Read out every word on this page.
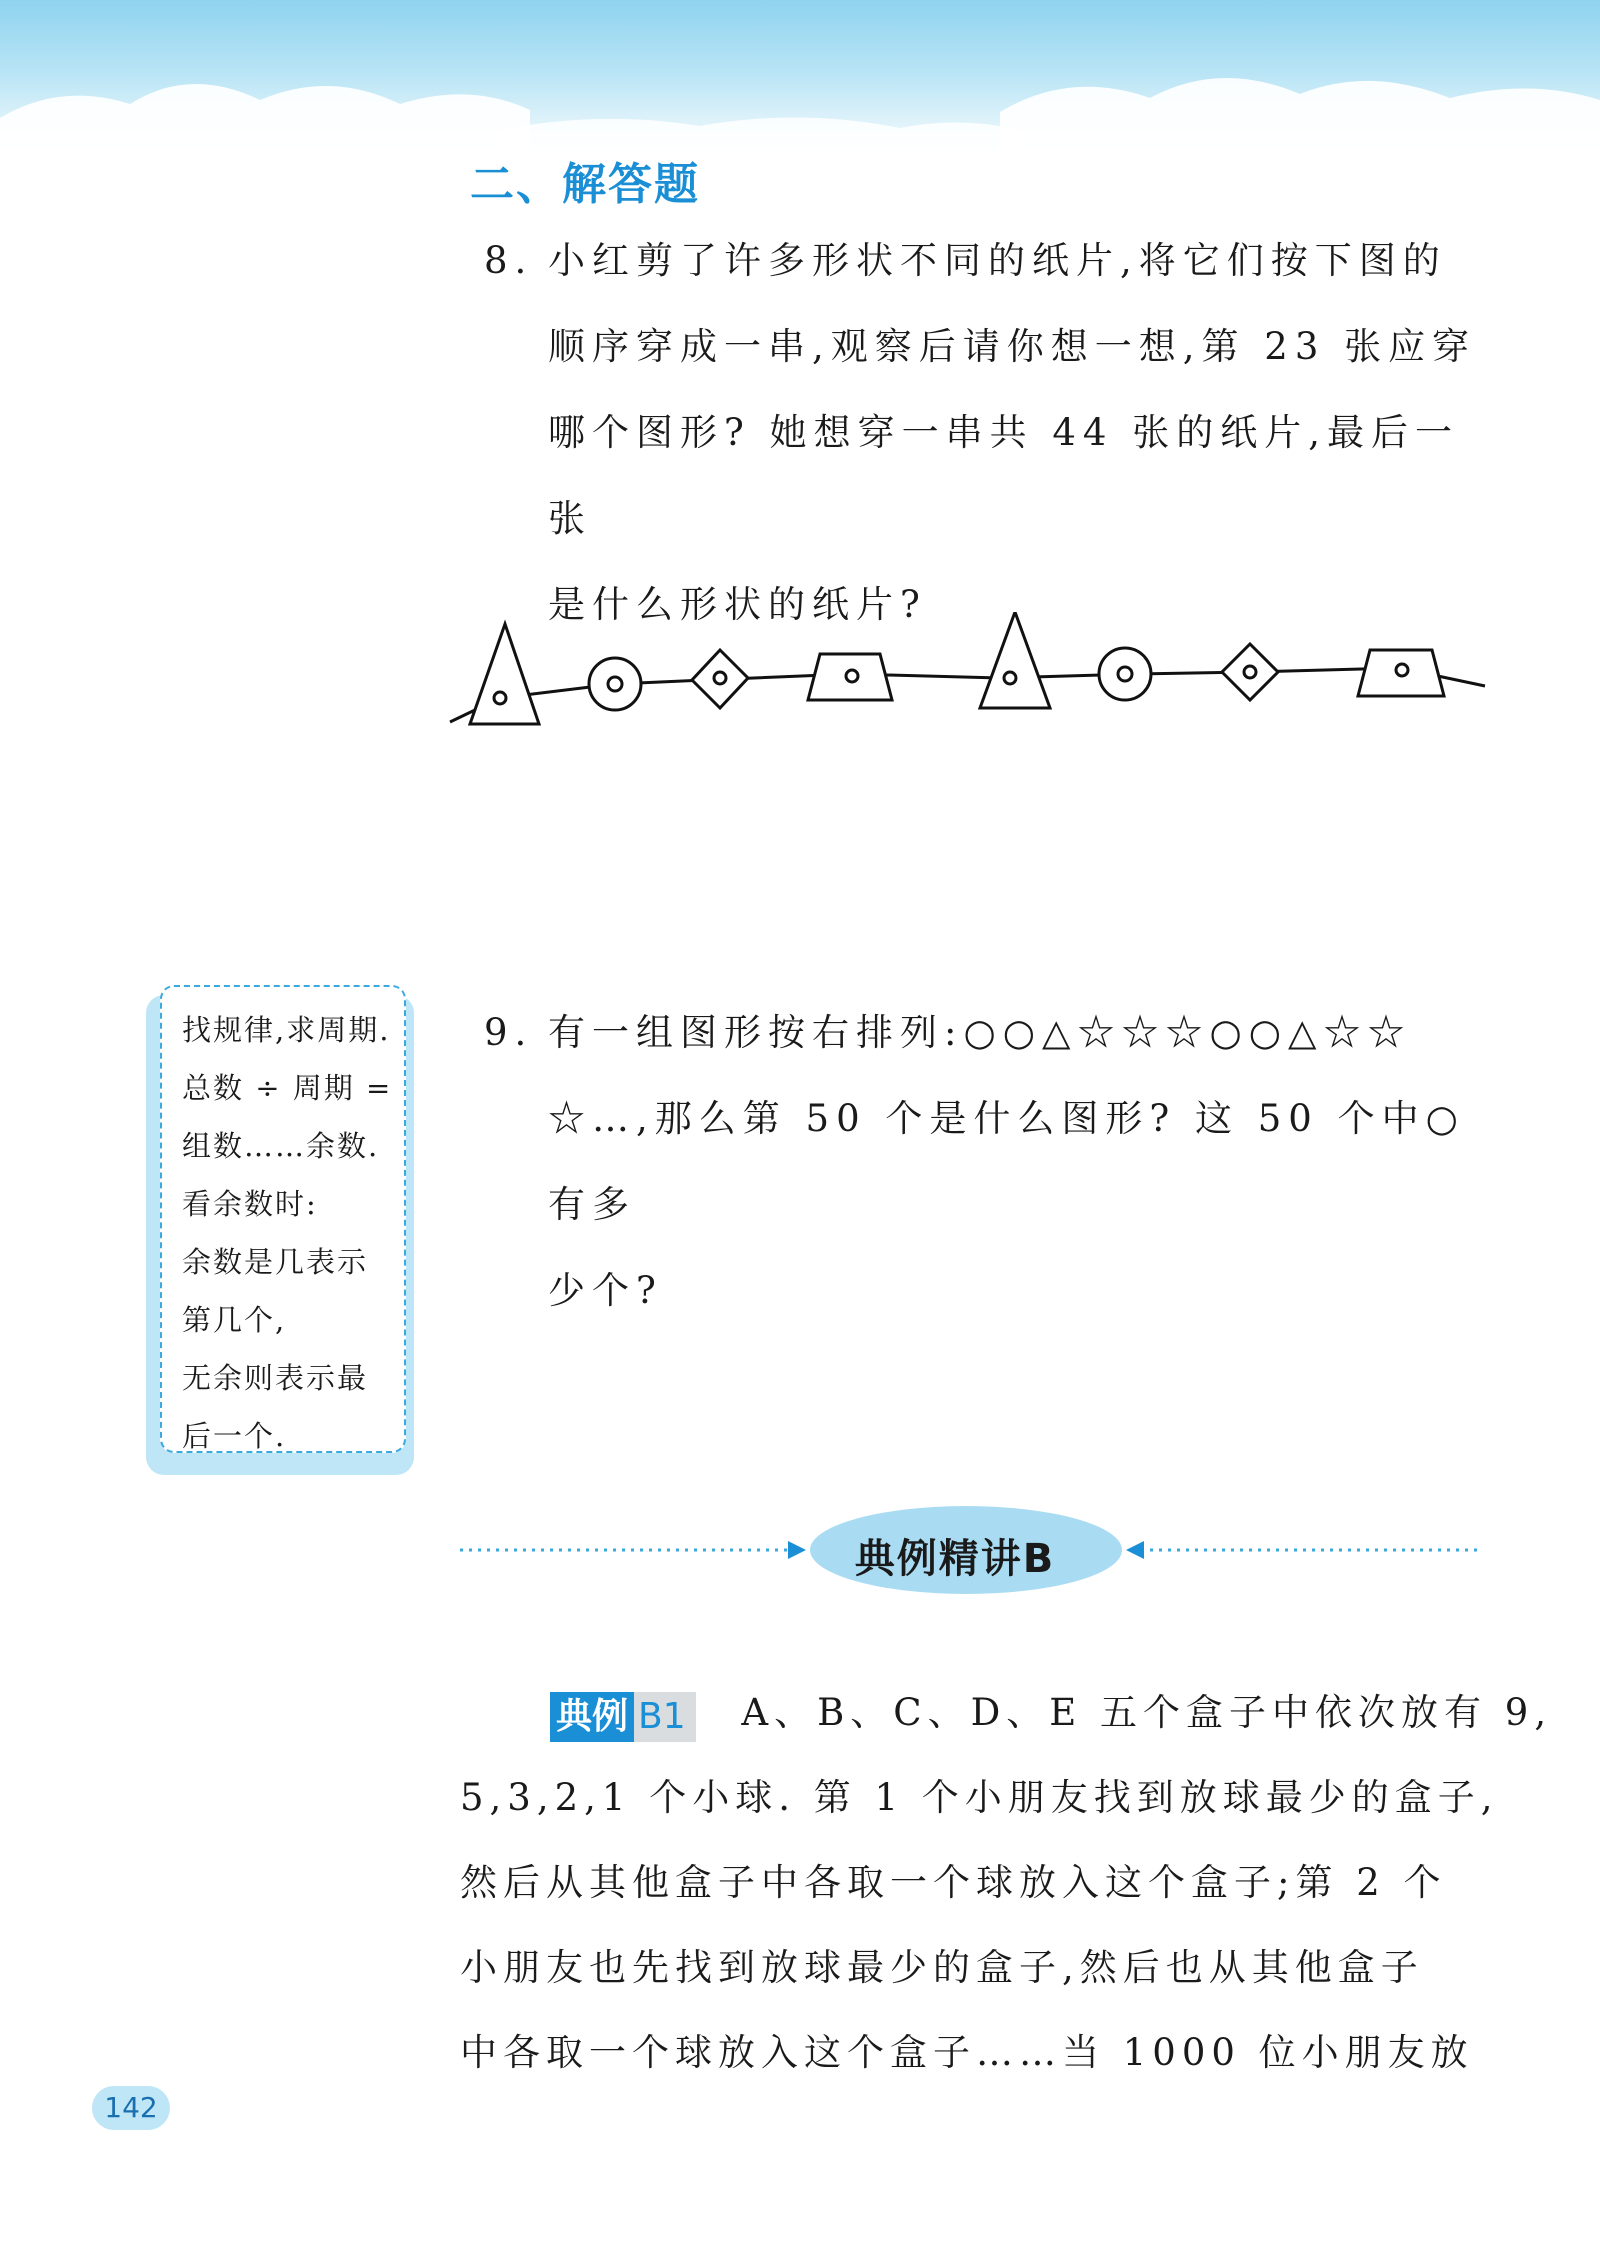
二、解答题
8. 小红剪了许多形状不同的纸片,将它们按下图的
顺序穿成一串,观察后请你想一想,第 23 张应穿
哪个图形? 她想穿一串共 44 张的纸片,最后一张
是什么形状的纸片?
找规律,求周期.
总数 ÷ 周期 =
组数……余数.
看余数时:
余数是几表示
第几个,
无余则表示最
后一个.
9. 有一组图形按右排列:○○△☆☆☆○○△☆☆
☆…,那么第 50 个是什么图形? 这 50 个中○有多
少个?
典例精讲B
典例 B1 A、B、C、D、E 五个盒子中依次放有 9,
5,3,2,1 个小球. 第 1 个小朋友找到放球最少的盒子,
然后从其他盒子中各取一个球放入这个盒子;第 2 个
小朋友也先找到放球最少的盒子,然后也从其他盒子
中各取一个球放入这个盒子……当 1000 位小朋友放
142
